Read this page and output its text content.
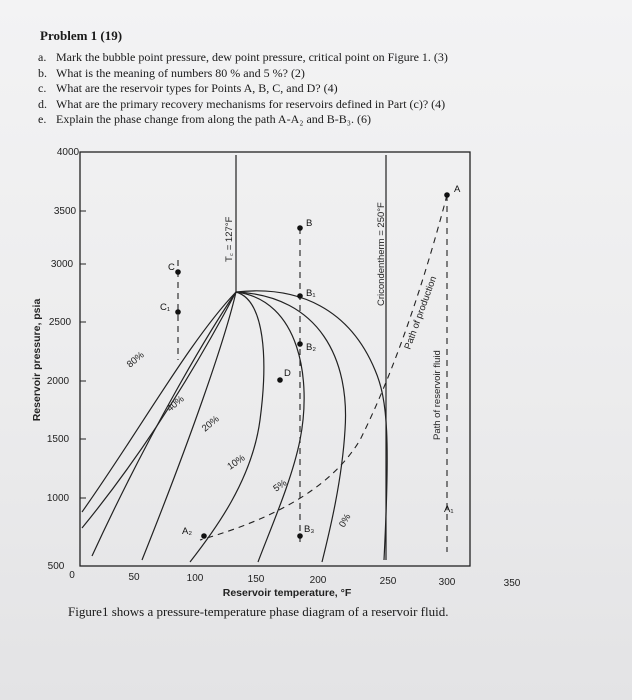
Problem 1 (19)
a. Mark the bubble point pressure, dew point pressure, critical point on Figure 1. (3)
b. What is the meaning of numbers 80 % and 5 %? (2)
c. What are the reservoir types for Points A, B, C, and D? (4)
d. What are the primary recovery mechanisms for reservoirs defined in Part (c)? (4)
e. Explain the phase change from along the path A-A₂ and B-B₃. (6)
4000
3500
3000
2500
2000
1500
1000
500
Reservoir pressure, psia
0	50	100	150	200	250	300	350
Reservoir temperature, °F
T꜀ = 127°F	Cricondentherm = 250°F
Path of production
Path of reservoir fluid
80%
40%
20%
10%
5%
0%
A
A₁
A₂
B
B₁
B₂
B₃
C
C₁
D
Figure1 shows a pressure-temperature phase diagram of a reservoir fluid.
